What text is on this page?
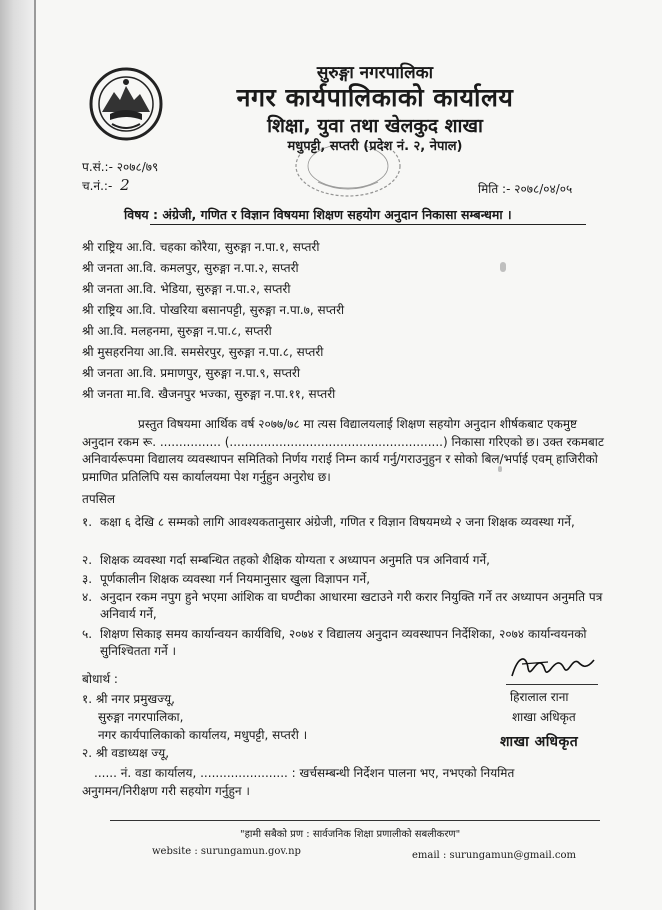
सुरुङ्गा नगरपालिका
नगर कार्यपालिकाको कार्यालय
शिक्षा, युवा तथा खेलकुद शाखा
मधुपट्टी, सप्तरी (प्रदेश नं. २, नेपाल)
प.सं.:- २०७८/७९
च.नं.:- 2	मिति :- २०७८/०४/०५
विषय : अंग्रेजी, गणित र विज्ञान विषयमा शिक्षण सहयोग अनुदान निकासा सम्बन्धमा ।
श्री राष्ट्रिय आ.वि. चहका कोरैया, सुरुङ्गा न.पा.१, सप्तरी
श्री जनता आ.वि. कमलपुर, सुरुङ्गा न.पा.२, सप्तरी
श्री जनता आ.वि. भेडिया, सुरुङ्गा न.पा.२, सप्तरी
श्री राष्ट्रिय आ.वि. पोखरिया बसानपट्टी, सुरुङ्गा न.पा.७, सप्तरी
श्री आ.वि. मलहनमा, सुरुङ्गा न.पा.८, सप्तरी
श्री मुसहरनिया आ.वि. समसेरपुर, सुरुङ्गा न.पा.८, सप्तरी
श्री जनता आ.वि. प्रमाणपुर, सुरुङ्गा न.पा.९, सप्तरी
श्री जनता मा.वि. खैजनपुर भज्का, सुरुङ्गा न.पा.११, सप्तरी
प्रस्तुत विषयमा आर्थिक वर्ष २०७७/७८ मा त्यस विद्यालयलाई शिक्षण सहयोग अनुदान शीर्षकबाट एकमुष्ट अनुदान रकम रू. ................ (........................................................) निकासा गरिएको छ। उक्त रकमबाट अनिवार्यरूपमा विद्यालय व्यवस्थापन समितिको निर्णय गराई निम्न कार्य गर्नु/गराउनुहुन र सोको बिल/भर्पाई एवम् हाजिरीको प्रमाणित प्रतिलिपि यस कार्यालयमा पेश गर्नुहुन अनुरोध छ।
तपसिल
१. कक्षा ६ देखि ८ सम्मको लागि आवश्यकतानुसार अंग्रेजी, गणित र विज्ञान विषयमध्ये २ जना शिक्षक व्यवस्था गर्ने,
२. शिक्षक व्यवस्था गर्दा सम्बन्धित तहको शैक्षिक योग्यता र अध्यापन अनुमति पत्र अनिवार्य गर्ने,
३. पूर्णकालीन शिक्षक व्यवस्था गर्न नियमानुसार खुला विज्ञापन गर्ने,
४. अनुदान रकम नपुग हुने भएमा आंशिक वा घण्टीका आधारमा खटाउने गरी करार नियुक्ति गर्ने तर अध्यापन अनुमति पत्र अनिवार्य गर्ने,
५. शिक्षण सिकाइ समय कार्यान्वयन कार्यविधि, २०७४ र विद्यालय अनुदान व्यवस्थापन निर्देशिका, २०७४ कार्यान्वयनको सुनिश्चितता गर्ने ।
बोधार्थ :
१. श्री नगर प्रमुखज्यू,
सुरुङ्गा नगरपालिका,
नगर कार्यपालिकाको कार्यालय, मधुपट्टी, सप्तरी ।
२. श्री वडाध्यक्ष ज्यू,
हिरालाल राना
शाखा अधिकृत
शाखा अधिकृत
...... नं. वडा कार्यालय, ....................... : खर्चसम्बन्धी निर्देशन पालना भए, नभएको नियमित
अनुगमन/निरीक्षण गरी सहयोग गर्नुहुन ।
"हामी सबैको प्रण : सार्वजनिक शिक्षा प्रणालीको सबलीकरण"
website : surungamun.gov.np	email : surungamun@gmail.com
